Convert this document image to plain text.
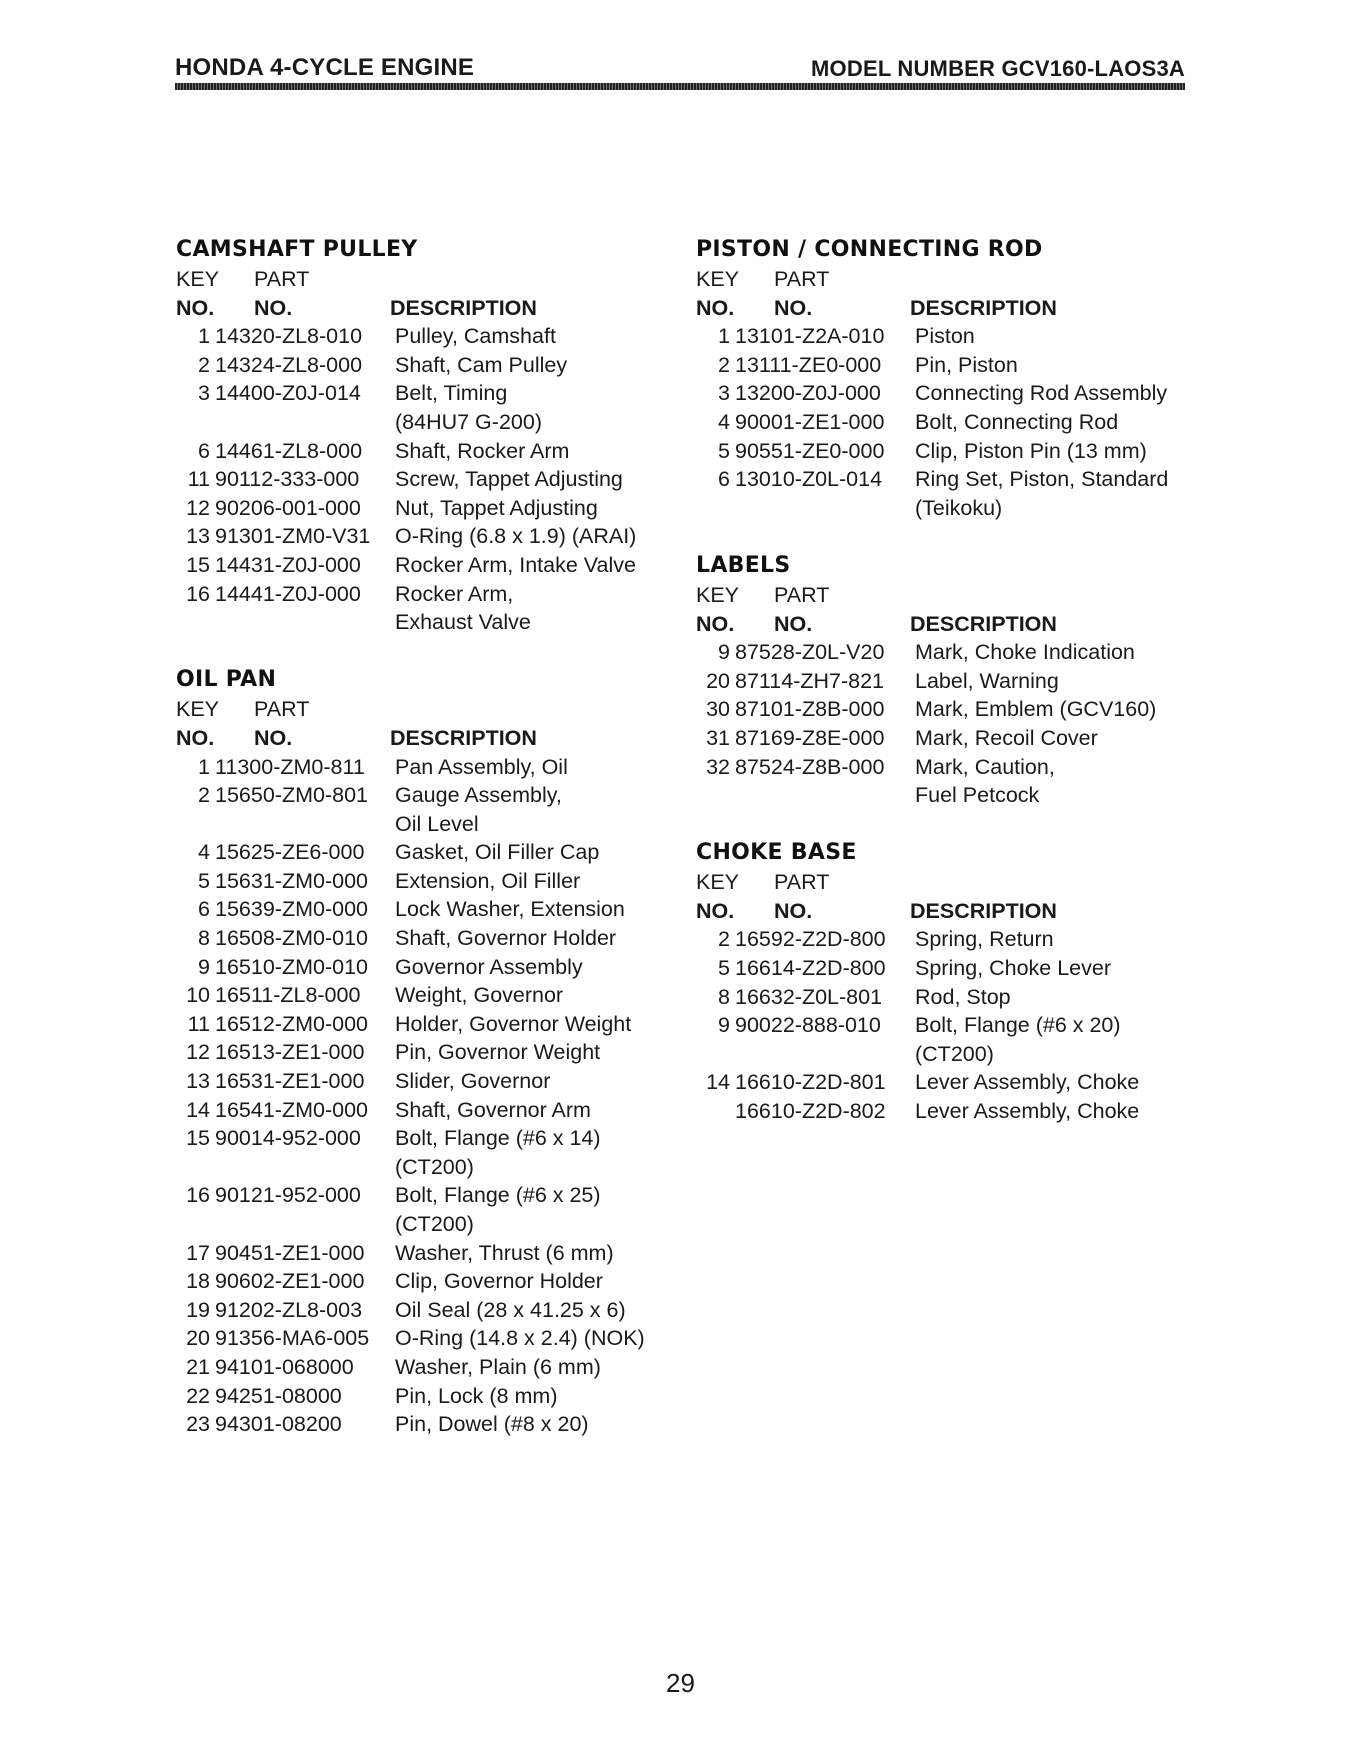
HONDA 4-CYCLE ENGINE	MODEL NUMBER GCV160-LAOS3A
CAMSHAFT PULLEY
KEY	PART
NO.	NO.	DESCRIPTION
1 14320-ZL8-010	Pulley, Camshaft
2 14324-ZL8-000	Shaft, Cam Pulley
3 14400-Z0J-014	Belt, Timing
(84HU7 G-200)
6 14461-ZL8-000	Shaft, Rocker Arm
11 90112-333-000	Screw, Tappet Adjusting
12 90206-001-000	Nut, Tappet Adjusting
13 91301-ZM0-V31	O-Ring (6.8 x 1.9) (ARAI)
15 14431-Z0J-000	Rocker Arm, Intake Valve
16 14441-Z0J-000	Rocker Arm,
Exhaust Valve
OIL PAN
KEY	PART
NO.	NO.	DESCRIPTION
1 11300-ZM0-811	Pan Assembly, Oil
2 15650-ZM0-801	Gauge Assembly,
Oil Level
4 15625-ZE6-000	Gasket, Oil Filler Cap
5 15631-ZM0-000	Extension, Oil Filler
6 15639-ZM0-000	Lock Washer, Extension
8 16508-ZM0-010	Shaft, Governor Holder
9 16510-ZM0-010	Governor Assembly
10 16511-ZL8-000	Weight, Governor
11 16512-ZM0-000	Holder, Governor Weight
12 16513-ZE1-000	Pin, Governor Weight
13 16531-ZE1-000	Slider, Governor
14 16541-ZM0-000	Shaft, Governor Arm
15 90014-952-000	Bolt, Flange (#6 x 14)
(CT200)
16 90121-952-000	Bolt, Flange (#6 x 25)
(CT200)
17 90451-ZE1-000	Washer, Thrust (6 mm)
18 90602-ZE1-000	Clip, Governor Holder
19 91202-ZL8-003	Oil Seal (28 x 41.25 x 6)
20 91356-MA6-005	O-Ring (14.8 x 2.4) (NOK)
21 94101-068000	Washer, Plain (6 mm)
22 94251-08000	Pin, Lock (8 mm)
23 94301-08200	Pin, Dowel (#8 x 20)
PISTON / CONNECTING ROD
KEY	PART
NO.	NO.	DESCRIPTION
1 13101-Z2A-010	Piston
2 13111-ZE0-000	Pin, Piston
3 13200-Z0J-000	Connecting Rod Assembly
4 90001-ZE1-000	Bolt, Connecting Rod
5 90551-ZE0-000	Clip, Piston Pin (13 mm)
6 13010-Z0L-014	Ring Set, Piston, Standard
(Teikoku)
LABELS
KEY	PART
NO.	NO.	DESCRIPTION
9 87528-Z0L-V20	Mark, Choke Indication
20 87114-ZH7-821	Label, Warning
30 87101-Z8B-000	Mark, Emblem (GCV160)
31 87169-Z8E-000	Mark, Recoil Cover
32 87524-Z8B-000	Mark, Caution,
Fuel Petcock
CHOKE BASE
KEY	PART
NO.	NO.	DESCRIPTION
2 16592-Z2D-800	Spring, Return
5 16614-Z2D-800	Spring, Choke Lever
8 16632-Z0L-801	Rod, Stop
9 90022-888-010	Bolt, Flange (#6 x 20)
(CT200)
14 16610-Z2D-801	Lever Assembly, Choke
16610-Z2D-802	Lever Assembly, Choke
29
